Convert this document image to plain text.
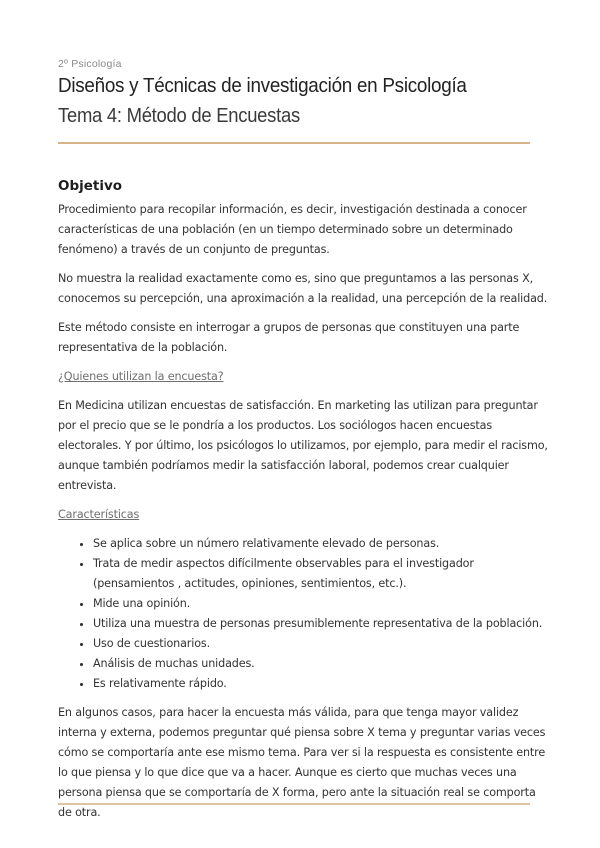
2º Psicología
Diseños y Técnicas de investigación en Psicología
Tema 4: Método de Encuestas
Objetivo

Procedimiento para recopilar información, es decir, investigación destinada a conocer características de una población (en un tiempo determinado sobre un determinado fenómeno) a través de un conjunto de preguntas.

No muestra la realidad exactamente como es, sino que preguntamos a las personas X, conocemos su percepción, una aproximación a la realidad, una percepción de la realidad.

Este método consiste en interrogar a grupos de personas que constituyen una parte representativa de la población.

¿Quienes utilizan la encuesta?

En Medicina utilizan encuestas de satisfacción. En marketing las utilizan para preguntar por el precio que se le pondría a los productos. Los sociólogos hacen encuestas electorales. Y por último, los psicólogos lo utilizamos, por ejemplo, para medir el racismo, aunque también podríamos medir la satisfacción laboral, podemos crear cualquier entrevista.

Características
• Se aplica sobre un número relativamente elevado de personas.
• Trata de medir aspectos difícilmente observables para el investigador (pensamientos , actitudes, opiniones, sentimientos, etc.).
• Mide una opinión.
• Utiliza una muestra de personas presumiblemente representativa de la población.
• Uso de cuestionarios.
• Análisis de muchas unidades.
• Es relativamente rápido.

En algunos casos, para hacer la encuesta más válida, para que tenga mayor validez interna y externa, podemos preguntar qué piensa sobre X tema y preguntar varias veces cómo se comportaría ante ese mismo tema. Para ver si la respuesta es consistente entre lo que piensa y lo que dice que va a hacer. Aunque es cierto que muchas veces una persona piensa que se comportaría de X forma, pero ante la situación real se comporta de otra.
